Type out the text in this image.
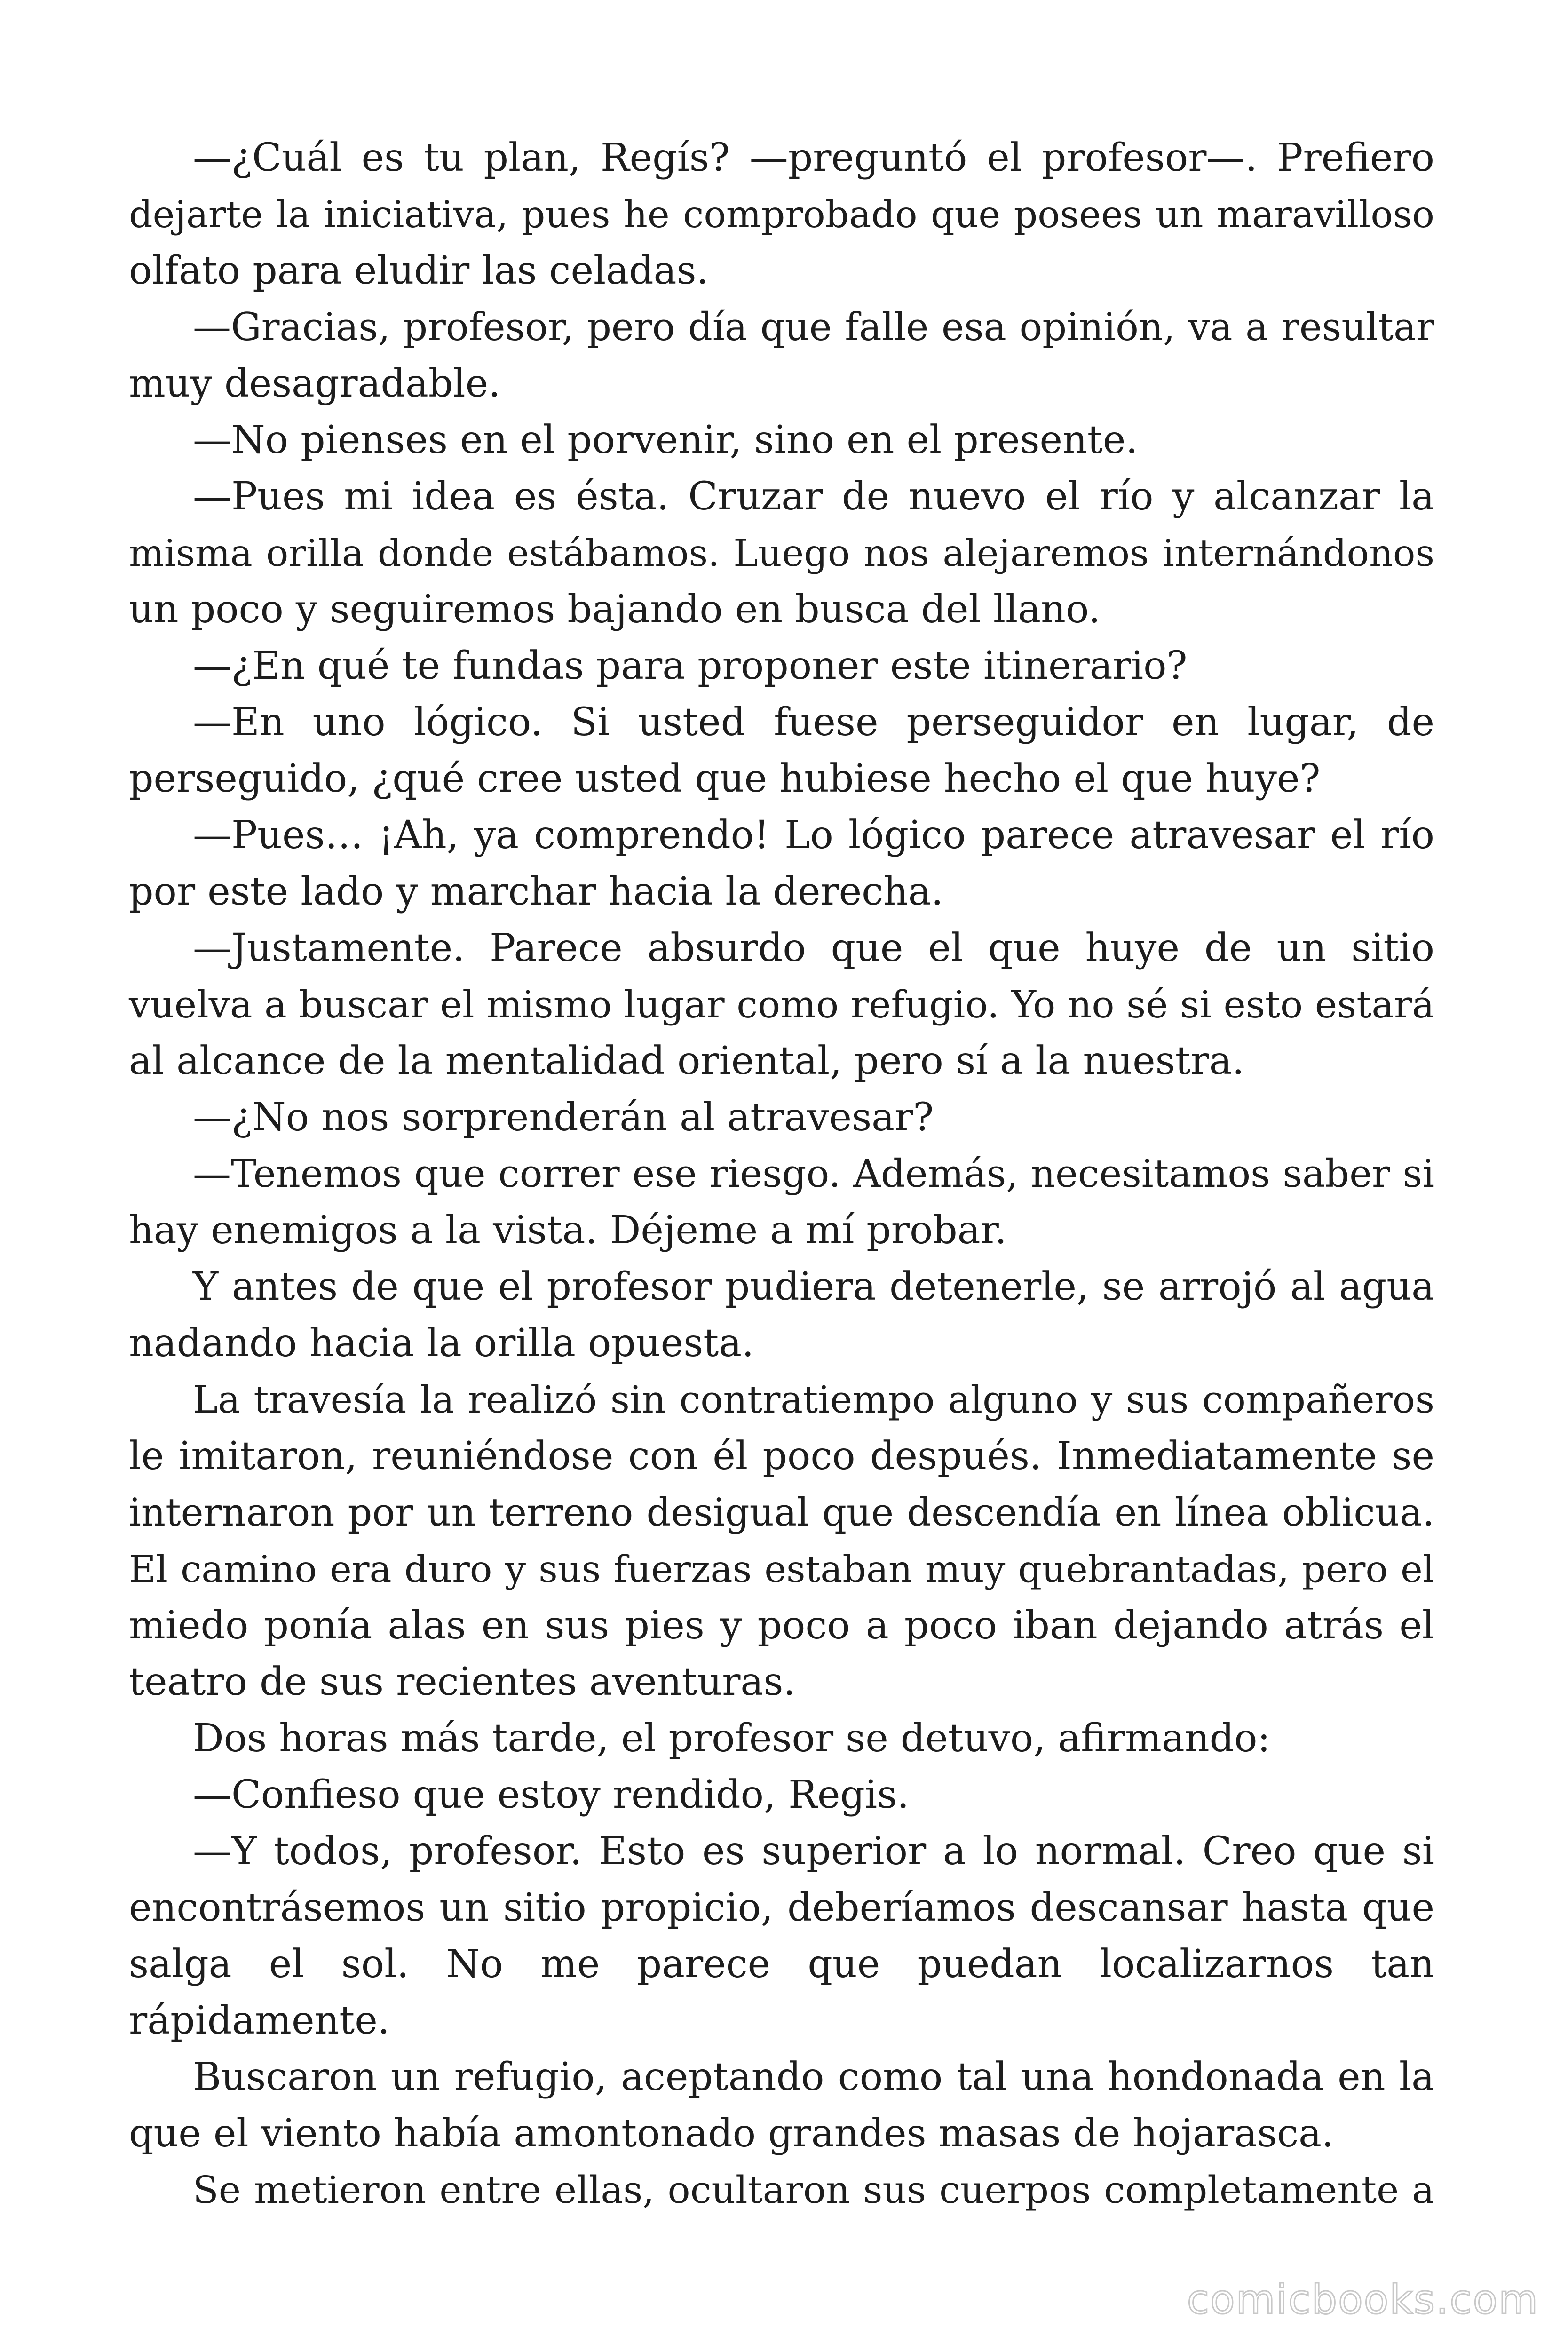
—¿Cuál es tu plan, Regís? —preguntó el profesor—. Prefiero
dejarte la iniciativa, pues he comprobado que posees un maravilloso
olfato para eludir las celadas.
—Gracias, profesor, pero día que falle esa opinión, va a resultar
muy desagradable.
—No pienses en el porvenir, sino en el presente.
—Pues mi idea es ésta. Cruzar de nuevo el río y alcanzar la
misma orilla donde estábamos. Luego nos alejaremos internándonos
un poco y seguiremos bajando en busca del llano.
—¿En qué te fundas para proponer este itinerario?
—En uno lógico. Si usted fuese perseguidor en lugar, de
perseguido, ¿qué cree usted que hubiese hecho el que huye?
—Pues… ¡Ah, ya comprendo! Lo lógico parece atravesar el río
por este lado y marchar hacia la derecha.
—Justamente. Parece absurdo que el que huye de un sitio
vuelva a buscar el mismo lugar como refugio. Yo no sé si esto estará
al alcance de la mentalidad oriental, pero sí a la nuestra.
—¿No nos sorprenderán al atravesar?
—Tenemos que correr ese riesgo. Además, necesitamos saber si
hay enemigos a la vista. Déjeme a mí probar.
Y antes de que el profesor pudiera detenerle, se arrojó al agua
nadando hacia la orilla opuesta.
La travesía la realizó sin contratiempo alguno y sus compañeros
le imitaron, reuniéndose con él poco después. Inmediatamente se
internaron por un terreno desigual que descendía en línea oblicua.
El camino era duro y sus fuerzas estaban muy quebrantadas, pero el
miedo ponía alas en sus pies y poco a poco iban dejando atrás el
teatro de sus recientes aventuras.
Dos horas más tarde, el profesor se detuvo, afirmando:
—Confieso que estoy rendido, Regis.
—Y todos, profesor. Esto es superior a lo normal. Creo que si
encontrásemos un sitio propicio, deberíamos descansar hasta que
salga el sol. No me parece que puedan localizarnos tan
rápidamente.
Buscaron un refugio, aceptando como tal una hondonada en la
que el viento había amontonado grandes masas de hojarasca.
Se metieron entre ellas, ocultaron sus cuerpos completamente a
comicbooks.com
